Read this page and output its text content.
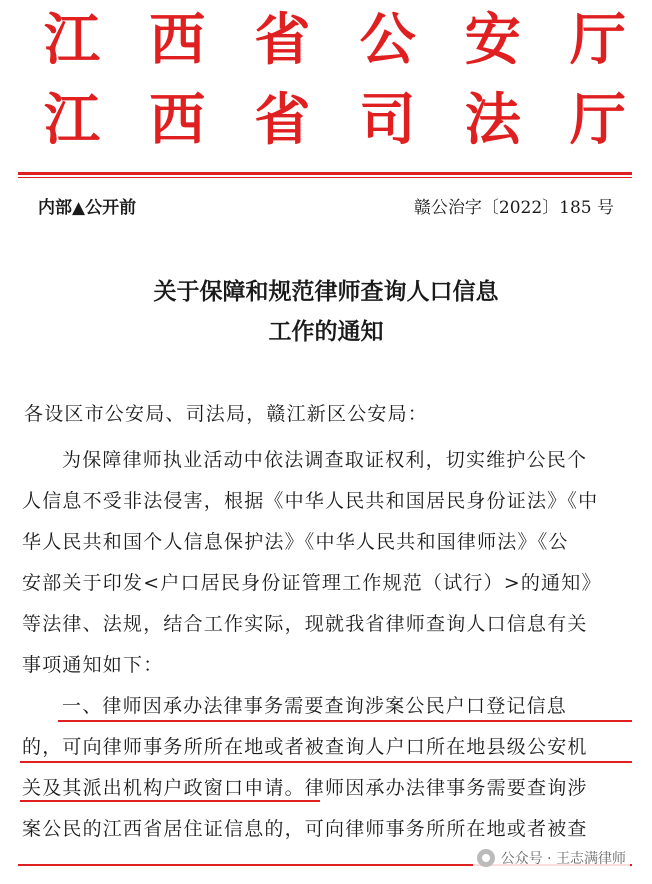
江 西 省 公 安 厅
江 西 省 司 法 厅
内部▲公开前	赣公治字〔2022〕185 号
关于保障和规范律师查询人口信息
工作的通知
各设区市公安局、司法局，赣江新区公安局：
为保障律师执业活动中依法调查取证权利，切实维护公民个
人信息不受非法侵害，根据《中华人民共和国居民身份证法》《中
华人民共和国个人信息保护法》《中华人民共和国律师法》《公
安部关于印发<户口居民身份证管理工作规范（试行）>的通知》
等法律、法规，结合工作实际，现就我省律师查询人口信息有关
事项通知如下：
一、律师因承办法律事务需要查询涉案公民户口登记信息
的，可向律师事务所所在地或者被查询人户口所在地县级公安机
关及其派出机构户政窗口申请。律师因承办法律事务需要查询涉
案公民的江西省居住证信息的，可向律师事务所所在地或者被查
公众号 · 王志满律师
